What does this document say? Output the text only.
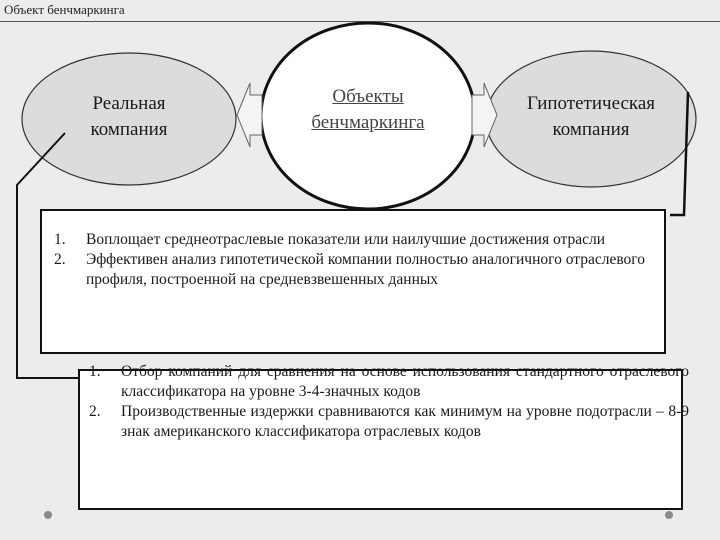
Объект бенчмаркинга
Реальная
компания
Объекты
бенчмаркинга
Гипотетическая
компания
1. Воплощает среднеотраслевые показатели или наилучшие достижения отрасли
2. Эффективен анализ гипотетической компании полностью аналогичного отраслевого профиля, построенной на средневзвешенных данных
1. Отбор компаний для сравнения на основе использования стандартного отраслевого классификатора на уровне 3-4-значных кодов
2. Производственные издержки сравниваются как минимум на уровне подотрасли – 8-9 знак американского классификатора отраслевых кодов
